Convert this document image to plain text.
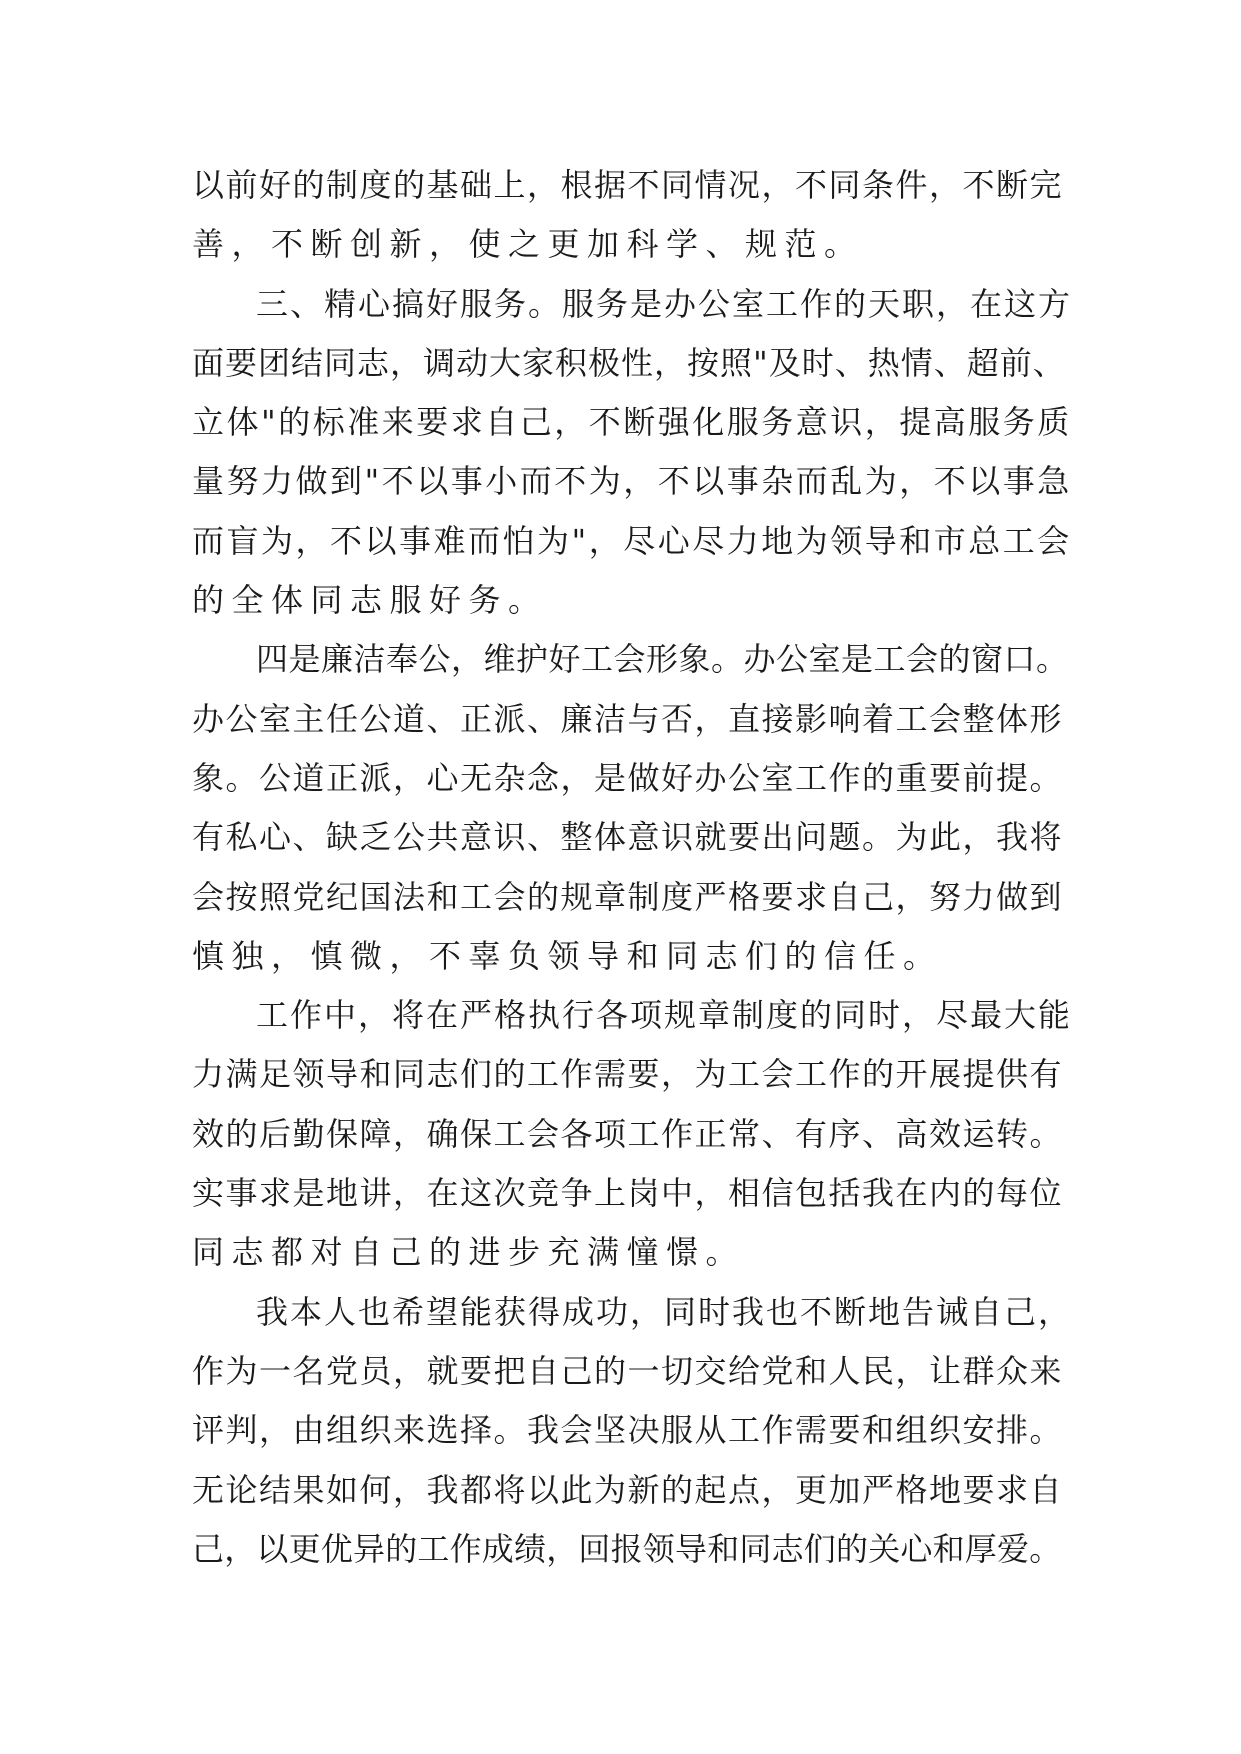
以前好的制度的基础上，根据不同情况，不同条件，不断完
善，不断创新，使之更加科学、规范。
三、精心搞好服务。服务是办公室工作的天职，在这方
面要团结同志，调动大家积极性，按照"及时、热情、超前、
立体"的标准来要求自己，不断强化服务意识，提高服务质
量努力做到"不以事小而不为，不以事杂而乱为，不以事急
而盲为，不以事难而怕为"，尽心尽力地为领导和市总工会
的全体同志服好务。
四是廉洁奉公，维护好工会形象。办公室是工会的窗口。
办公室主任公道、正派、廉洁与否，直接影响着工会整体形
象。公道正派，心无杂念，是做好办公室工作的重要前提。
有私心、缺乏公共意识、整体意识就要出问题。为此，我将
会按照党纪国法和工会的规章制度严格要求自己，努力做到
慎独，慎微，不辜负领导和同志们的信任。
工作中，将在严格执行各项规章制度的同时，尽最大能
力满足领导和同志们的工作需要，为工会工作的开展提供有
效的后勤保障，确保工会各项工作正常、有序、高效运转。
实事求是地讲，在这次竞争上岗中，相信包括我在内的每位
同志都对自己的进步充满憧憬。
我本人也希望能获得成功，同时我也不断地告诫自己，
作为一名党员，就要把自己的一切交给党和人民，让群众来
评判，由组织来选择。我会坚决服从工作需要和组织安排。
无论结果如何，我都将以此为新的起点，更加严格地要求自
己，以更优异的工作成绩，回报领导和同志们的关心和厚爱。
